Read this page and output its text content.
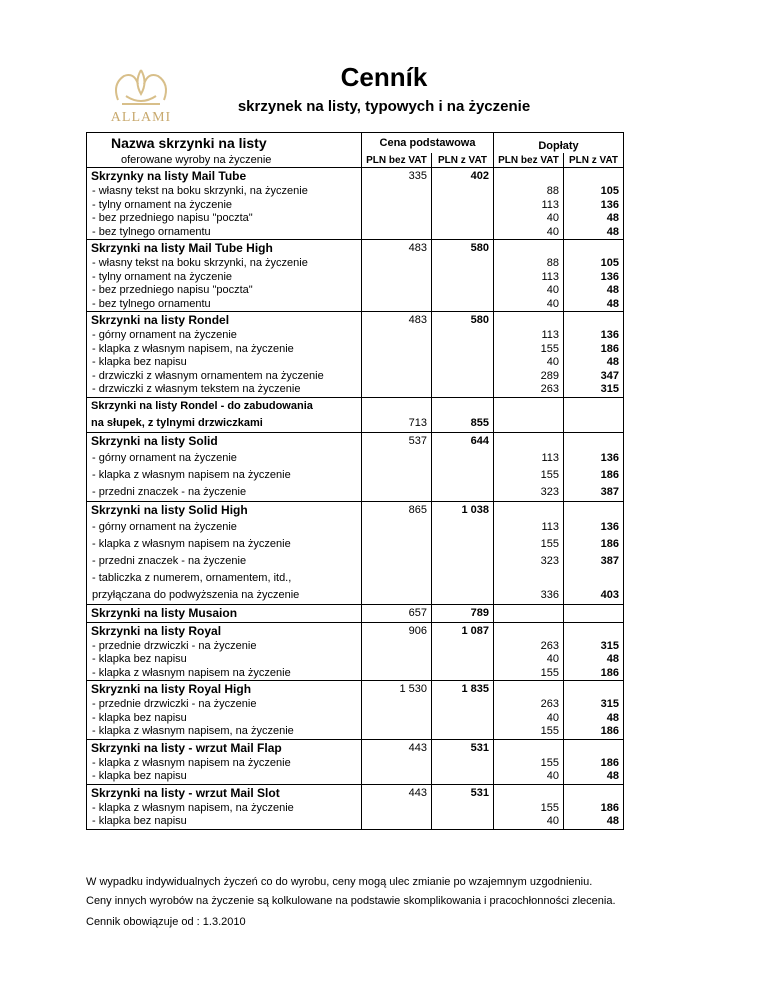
ALLAMI
Cenník
skrzynek na listy, typowych i na życzenie
Nazwa skrzynki na listy	Cena podstawowa		Dopłaty	
oferowane wyroby na życzenie	PLN bez VAT	PLN z VAT	PLN bez VAT	PLN z VAT
Skrzynky na listy Mail Tube	335	402		
- własny tekst na boku skrzynki, na życzenie			88	105
- tylny ornament na życzenie			113	136
- bez przedniego napisu "poczta"			40	48
- bez tylnego ornamentu			40	48
Skrzynki na listy Mail Tube High	483	580		
- własny tekst na boku skrzynki, na życzenie			88	105
- tylny ornament na życzenie			113	136
- bez przedniego napisu "poczta"			40	48
- bez tylnego ornamentu			40	48
Skrzynki na listy Rondel	483	580		
- górny ornament na życzenie			113	136
- klapka z własnym napisem, na życzenie			155	186
- klapka bez napisu			40	48
- drzwiczki z własnym ornamentem na życzenie			289	347
- drzwiczki z własnym tekstem na życzenie			263	315
Skrzynki na listy Rondel - do zabudowania				
na słupek, z tylnymi drzwiczkami	713	855		
Skrzynki na listy Solid	537	644		
- górny ornament na życzenie			113	136
- klapka z własnym napisem na życzenie			155	186
- przedni znaczek - na życzenie			323	387
Skrzynki na listy Solid High	865	1 038		
- górny ornament na życzenie			113	136
- klapka z własnym napisem na życzenie			155	186
- przedni znaczek - na życzenie			323	387
- tabliczka z numerem, ornamentem, itd.,				
przyłączana do podwyższenia na życzenie			336	403
Skrzynki na listy Musaion	657	789		
Skrzynki na listy Royal	906	1 087		
- przednie drzwiczki - na życzenie			263	315
- klapka bez napisu			40	48
- klapka z własnym napisem na życzenie			155	186
Skryznki na listy Royal High	1 530	1 835		
- przednie drzwiczki - na życzenie			263	315
- klapka bez napisu			40	48
- klapka z własnym napisem, na życzenie			155	186
Skrzynki na listy - wrzut Mail Flap	443	531		
- klapka z własnym napisem na życzenie			155	186
- klapka bez napisu			40	48
Skrzynki na listy - wrzut Mail Slot	443	531		
- klapka z własnym napisem, na życzenie			155	186
- klapka bez napisu			40	48
W wypadku indywidualnych życzeń co do wyrobu, ceny mogą ulec zmianie po wzajemnym uzgodnieniu.
Ceny innych wyrobów na życzenie są kolkulowane na podstawie skomplikowania i pracochłonności zlecenia.
Cennik obowiązuje od : 1.3.2010
